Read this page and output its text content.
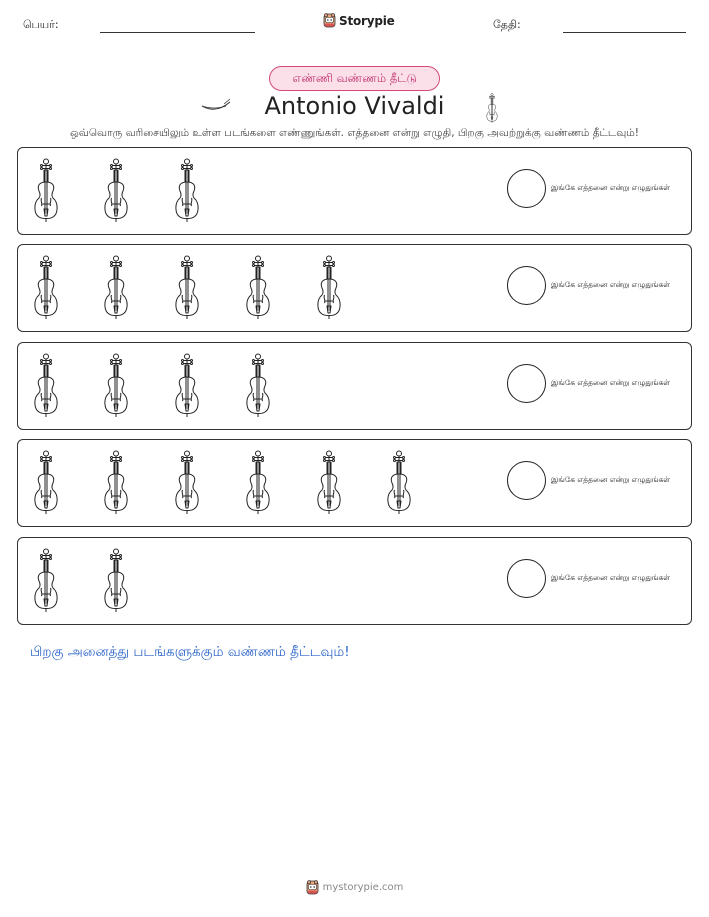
பெயர்:	Storypie	தேதி:
எண்ணி வண்ணம் தீட்டு
Antonio Vivaldi
ஒவ்வொரு வரிசையிலும் உள்ள படங்களை எண்ணுங்கள். எத்தனை என்று எழுதி, பிறகு அவற்றுக்கு வண்ணம் தீட்டவும்!
இங்கே எத்தனை என்று எழுதுங்கள்
இங்கே எத்தனை என்று எழுதுங்கள்
இங்கே எத்தனை என்று எழுதுங்கள்
இங்கே எத்தனை என்று எழுதுங்கள்
இங்கே எத்தனை என்று எழுதுங்கள்
பிறகு அனைத்து படங்களுக்கும் வண்ணம் தீட்டவும்!
mystorypie.com
